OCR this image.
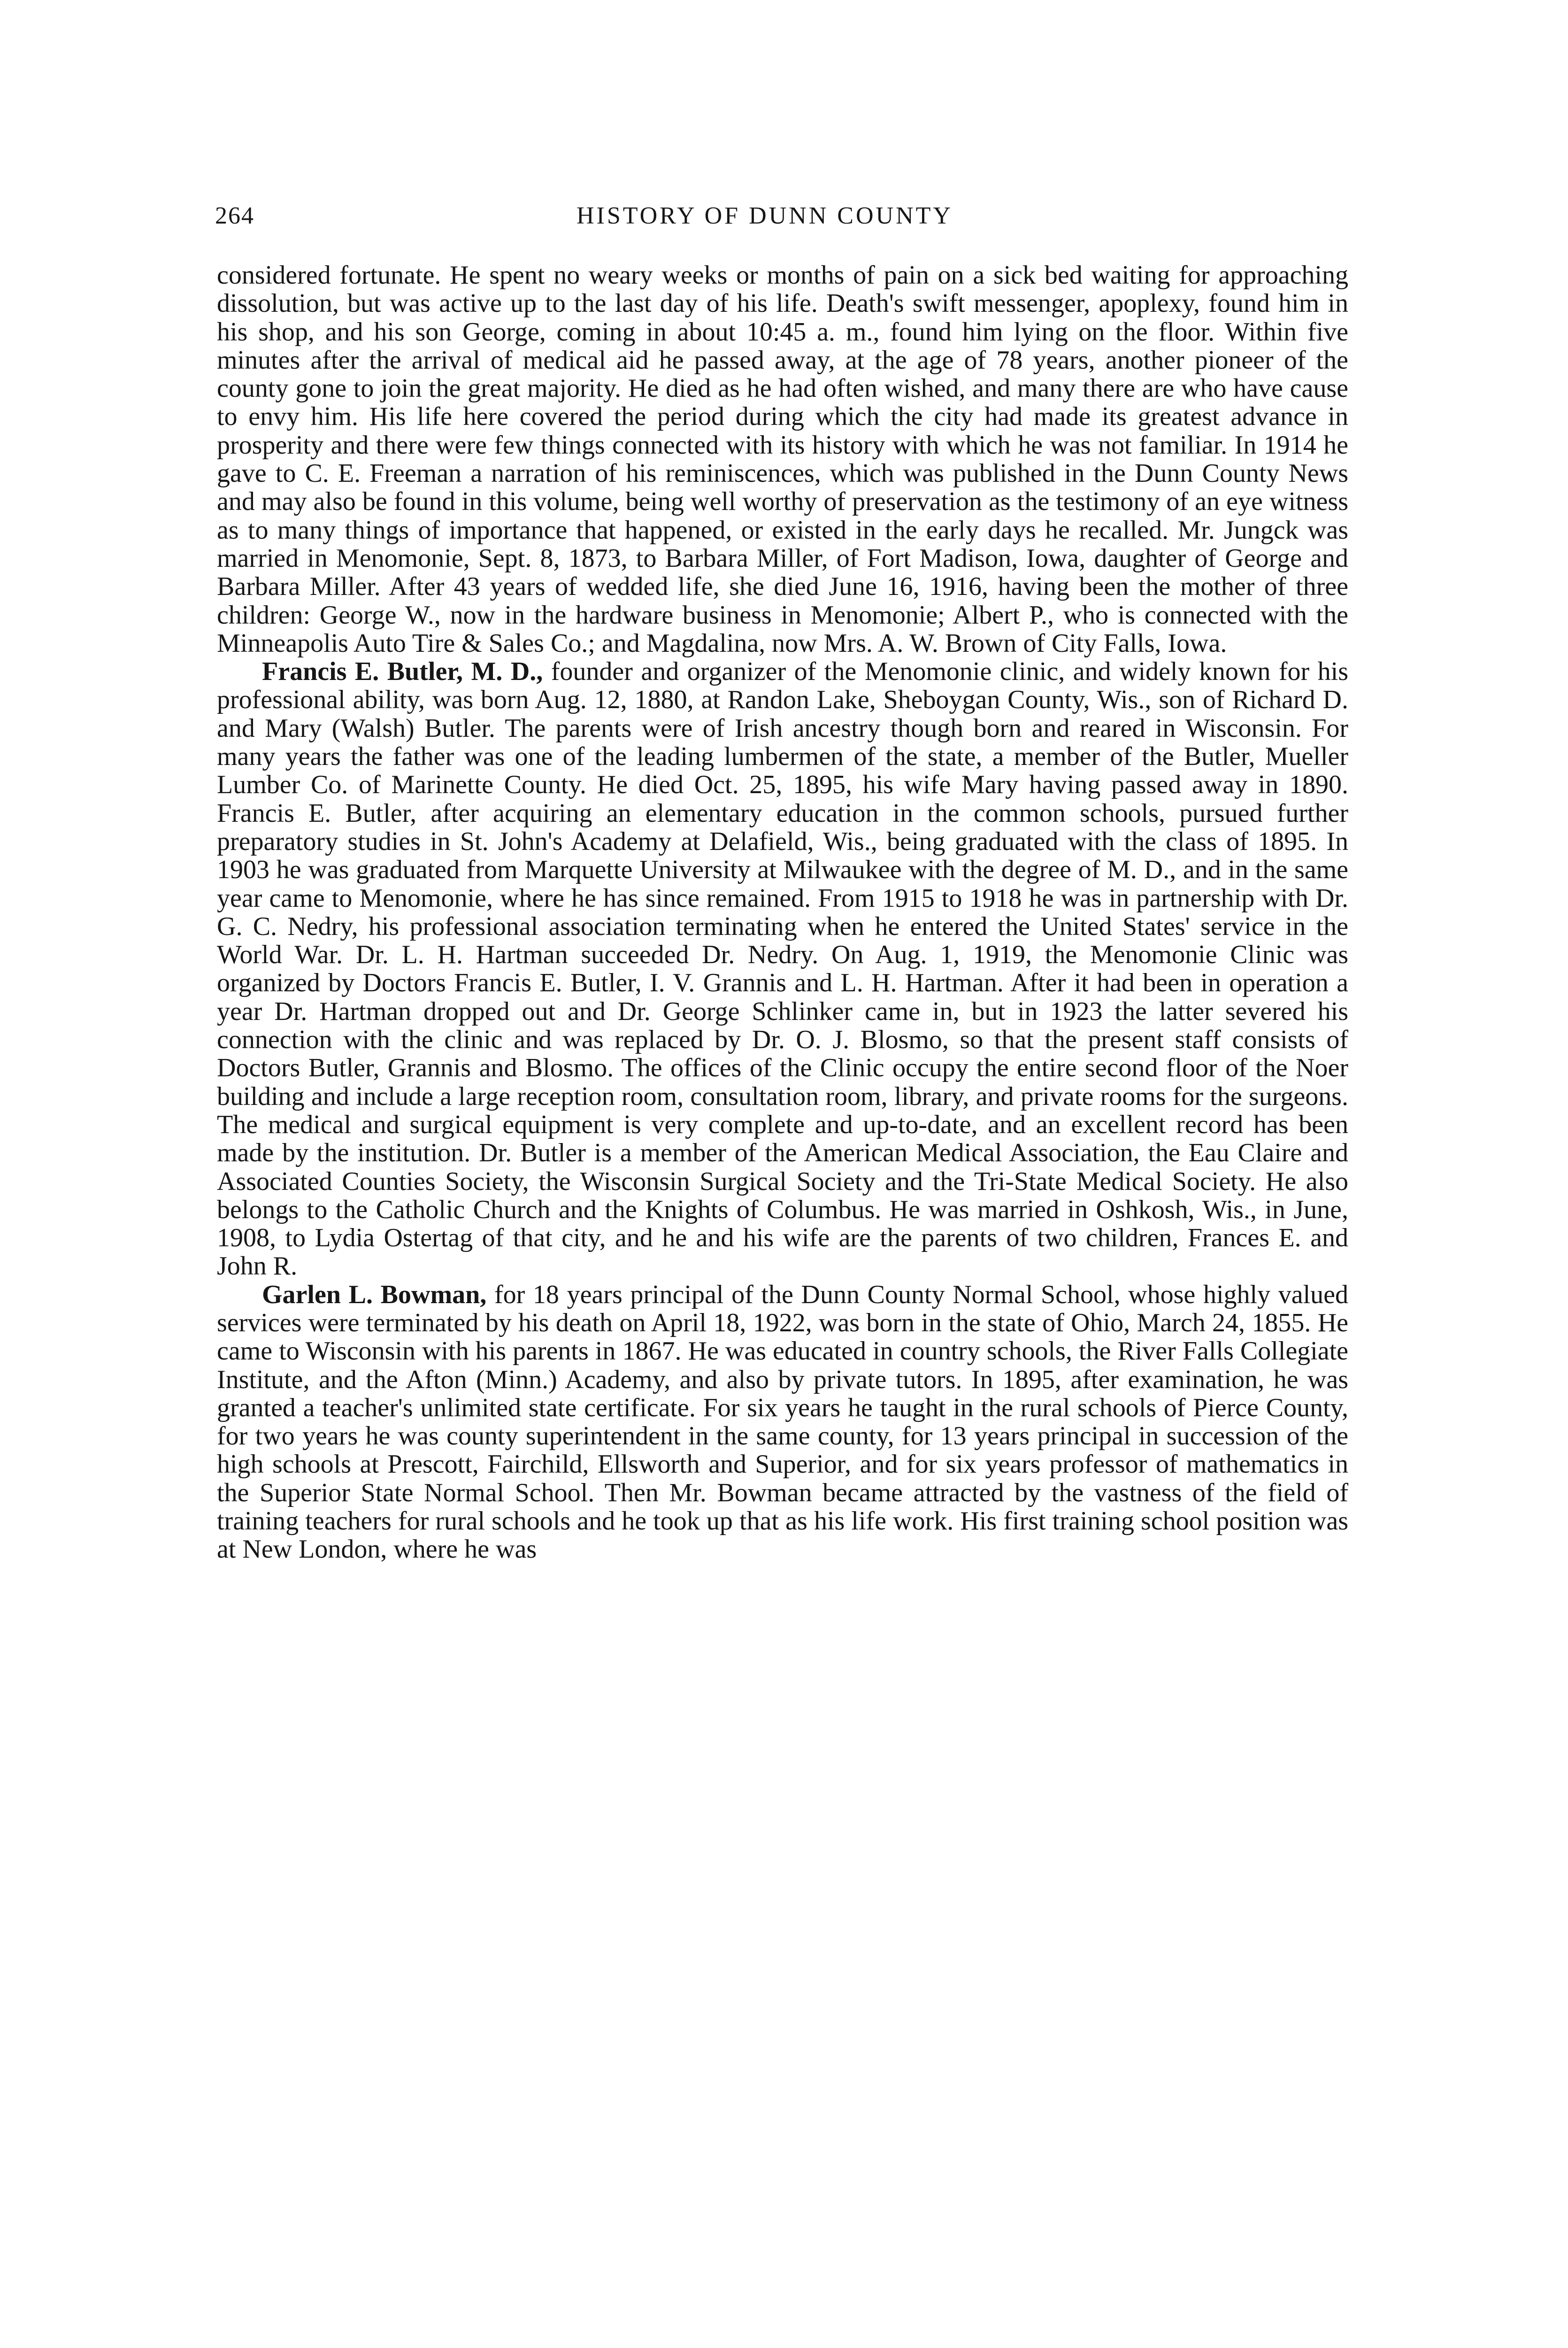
264	HISTORY OF DUNN COUNTY

considered fortunate. He spent no weary weeks or months of pain on a sick bed waiting for approaching dissolution, but was active up to the last day of his life. Death's swift messenger, apoplexy, found him in his shop, and his son George, coming in about 10:45 a. m., found him lying on the floor. Within five minutes after the arrival of medical aid he passed away, at the age of 78 years, another pioneer of the county gone to join the great majority. He died as he had often wished, and many there are who have cause to envy him. His life here covered the period during which the city had made its greatest advance in prosperity and there were few things connected with its history with which he was not familiar. In 1914 he gave to C. E. Freeman a narration of his reminiscences, which was published in the Dunn County News and may also be found in this volume, being well worthy of preservation as the testimony of an eye witness as to many things of importance that happened, or existed in the early days he recalled. Mr. Jungck was married in Menomonie, Sept. 8, 1873, to Barbara Miller, of Fort Madison, Iowa, daughter of George and Barbara Miller. After 43 years of wedded life, she died June 16, 1916, having been the mother of three children: George W., now in the hardware business in Menomonie; Albert P., who is connected with the Minneapolis Auto Tire & Sales Co.; and Magdalina, now Mrs. A. W. Brown of City Falls, Iowa.

Francis E. Butler, M. D., founder and organizer of the Menomonie clinic, and widely known for his professional ability, was born Aug. 12, 1880, at Randon Lake, Sheboygan County, Wis., son of Richard D. and Mary (Walsh) Butler. The parents were of Irish ancestry though born and reared in Wisconsin. For many years the father was one of the leading lumbermen of the state, a member of the Butler, Mueller Lumber Co. of Marinette County. He died Oct. 25, 1895, his wife Mary having passed away in 1890. Francis E. Butler, after acquiring an elementary education in the common schools, pursued further preparatory studies in St. John's Academy at Delafield, Wis., being graduated with the class of 1895. In 1903 he was graduated from Marquette University at Milwaukee with the degree of M. D., and in the same year came to Menomonie, where he has since remained. From 1915 to 1918 he was in partnership with Dr. G. C. Nedry, his professional association terminating when he entered the United States' service in the World War. Dr. L. H. Hartman succeeded Dr. Nedry. On Aug. 1, 1919, the Menomonie Clinic was organized by Doctors Francis E. Butler, I. V. Grannis and L. H. Hartman. After it had been in operation a year Dr. Hartman dropped out and Dr. George Schlinker came in, but in 1923 the latter severed his connection with the clinic and was replaced by Dr. O. J. Blosmo, so that the present staff consists of Doctors Butler, Grannis and Blosmo. The offices of the Clinic occupy the entire second floor of the Noer building and include a large reception room, consultation room, library, and private rooms for the surgeons. The medical and surgical equipment is very complete and up-to-date, and an excellent record has been made by the institution. Dr. Butler is a member of the American Medical Association, the Eau Claire and Associated Counties Society, the Wisconsin Surgical Society and the Tri-State Medical Society. He also belongs to the Catholic Church and the Knights of Columbus. He was married in Oshkosh, Wis., in June, 1908, to Lydia Ostertag of that city, and he and his wife are the parents of two children, Frances E. and John R.

Garlen L. Bowman, for 18 years principal of the Dunn County Normal School, whose highly valued services were terminated by his death on April 18, 1922, was born in the state of Ohio, March 24, 1855. He came to Wisconsin with his parents in 1867. He was educated in country schools, the River Falls Collegiate Institute, and the Afton (Minn.) Academy, and also by private tutors. In 1895, after examination, he was granted a teacher's unlimited state certificate. For six years he taught in the rural schools of Pierce County, for two years he was county superintendent in the same county, for 13 years principal in succession of the high schools at Prescott, Fairchild, Ellsworth and Superior, and for six years professor of mathematics in the Superior State Normal School. Then Mr. Bowman became attracted by the vastness of the field of training teachers for rural schools and he took up that as his life work. His first training school position was at New London, where he was
